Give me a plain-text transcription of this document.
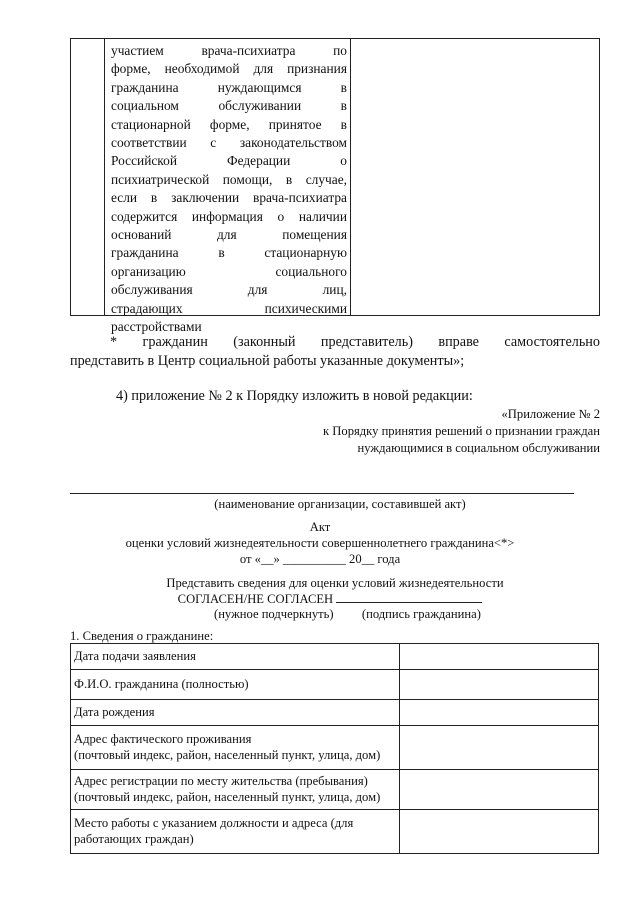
участием врача-психиатра по
форме, необходимой для признания
гражданина нуждающимся в
социальном обслуживании в
стационарной форме, принятое в
соответствии с законодательством
Российской Федерации о
психиатрической помощи, в случае,
если в заключении врача-психиатра
содержится информация о наличии
оснований для помещения
гражданина в стационарную
организацию социального
обслуживания для лиц,
страдающих психическими
расстройствами
* гражданин (законный представитель) вправе самостоятельно
представить в Центр социальной работы указанные документы»;
4) приложение № 2 к Порядку изложить в новой редакции:
«Приложение № 2
к Порядку принятия решений о признании граждан
нуждающимися в социальном обслуживании
(наименование организации, составившей акт)
Акт
оценки условий жизнедеятельности совершеннолетнего гражданина<*>
от «__» __________ 20__ года
Представить сведения для оценки условий жизнедеятельности
СОГЛАСЕН/НЕ СОГЛАСЕН
(нужное подчеркнуть) (подпись гражданина)
1. Сведения о гражданине:
Дата подачи заявления	
Ф.И.О. гражданина (полностью)	
Дата рождения	

Адрес фактического проживания
(почтовый индекс, район, населенный пункт, улица, дом)	

Адрес регистрации по месту жительства (пребывания)
(почтовый индекс, район, населенный пункт, улица, дом)	

Место работы с указанием должности и адреса (для
работающих граждан)	
